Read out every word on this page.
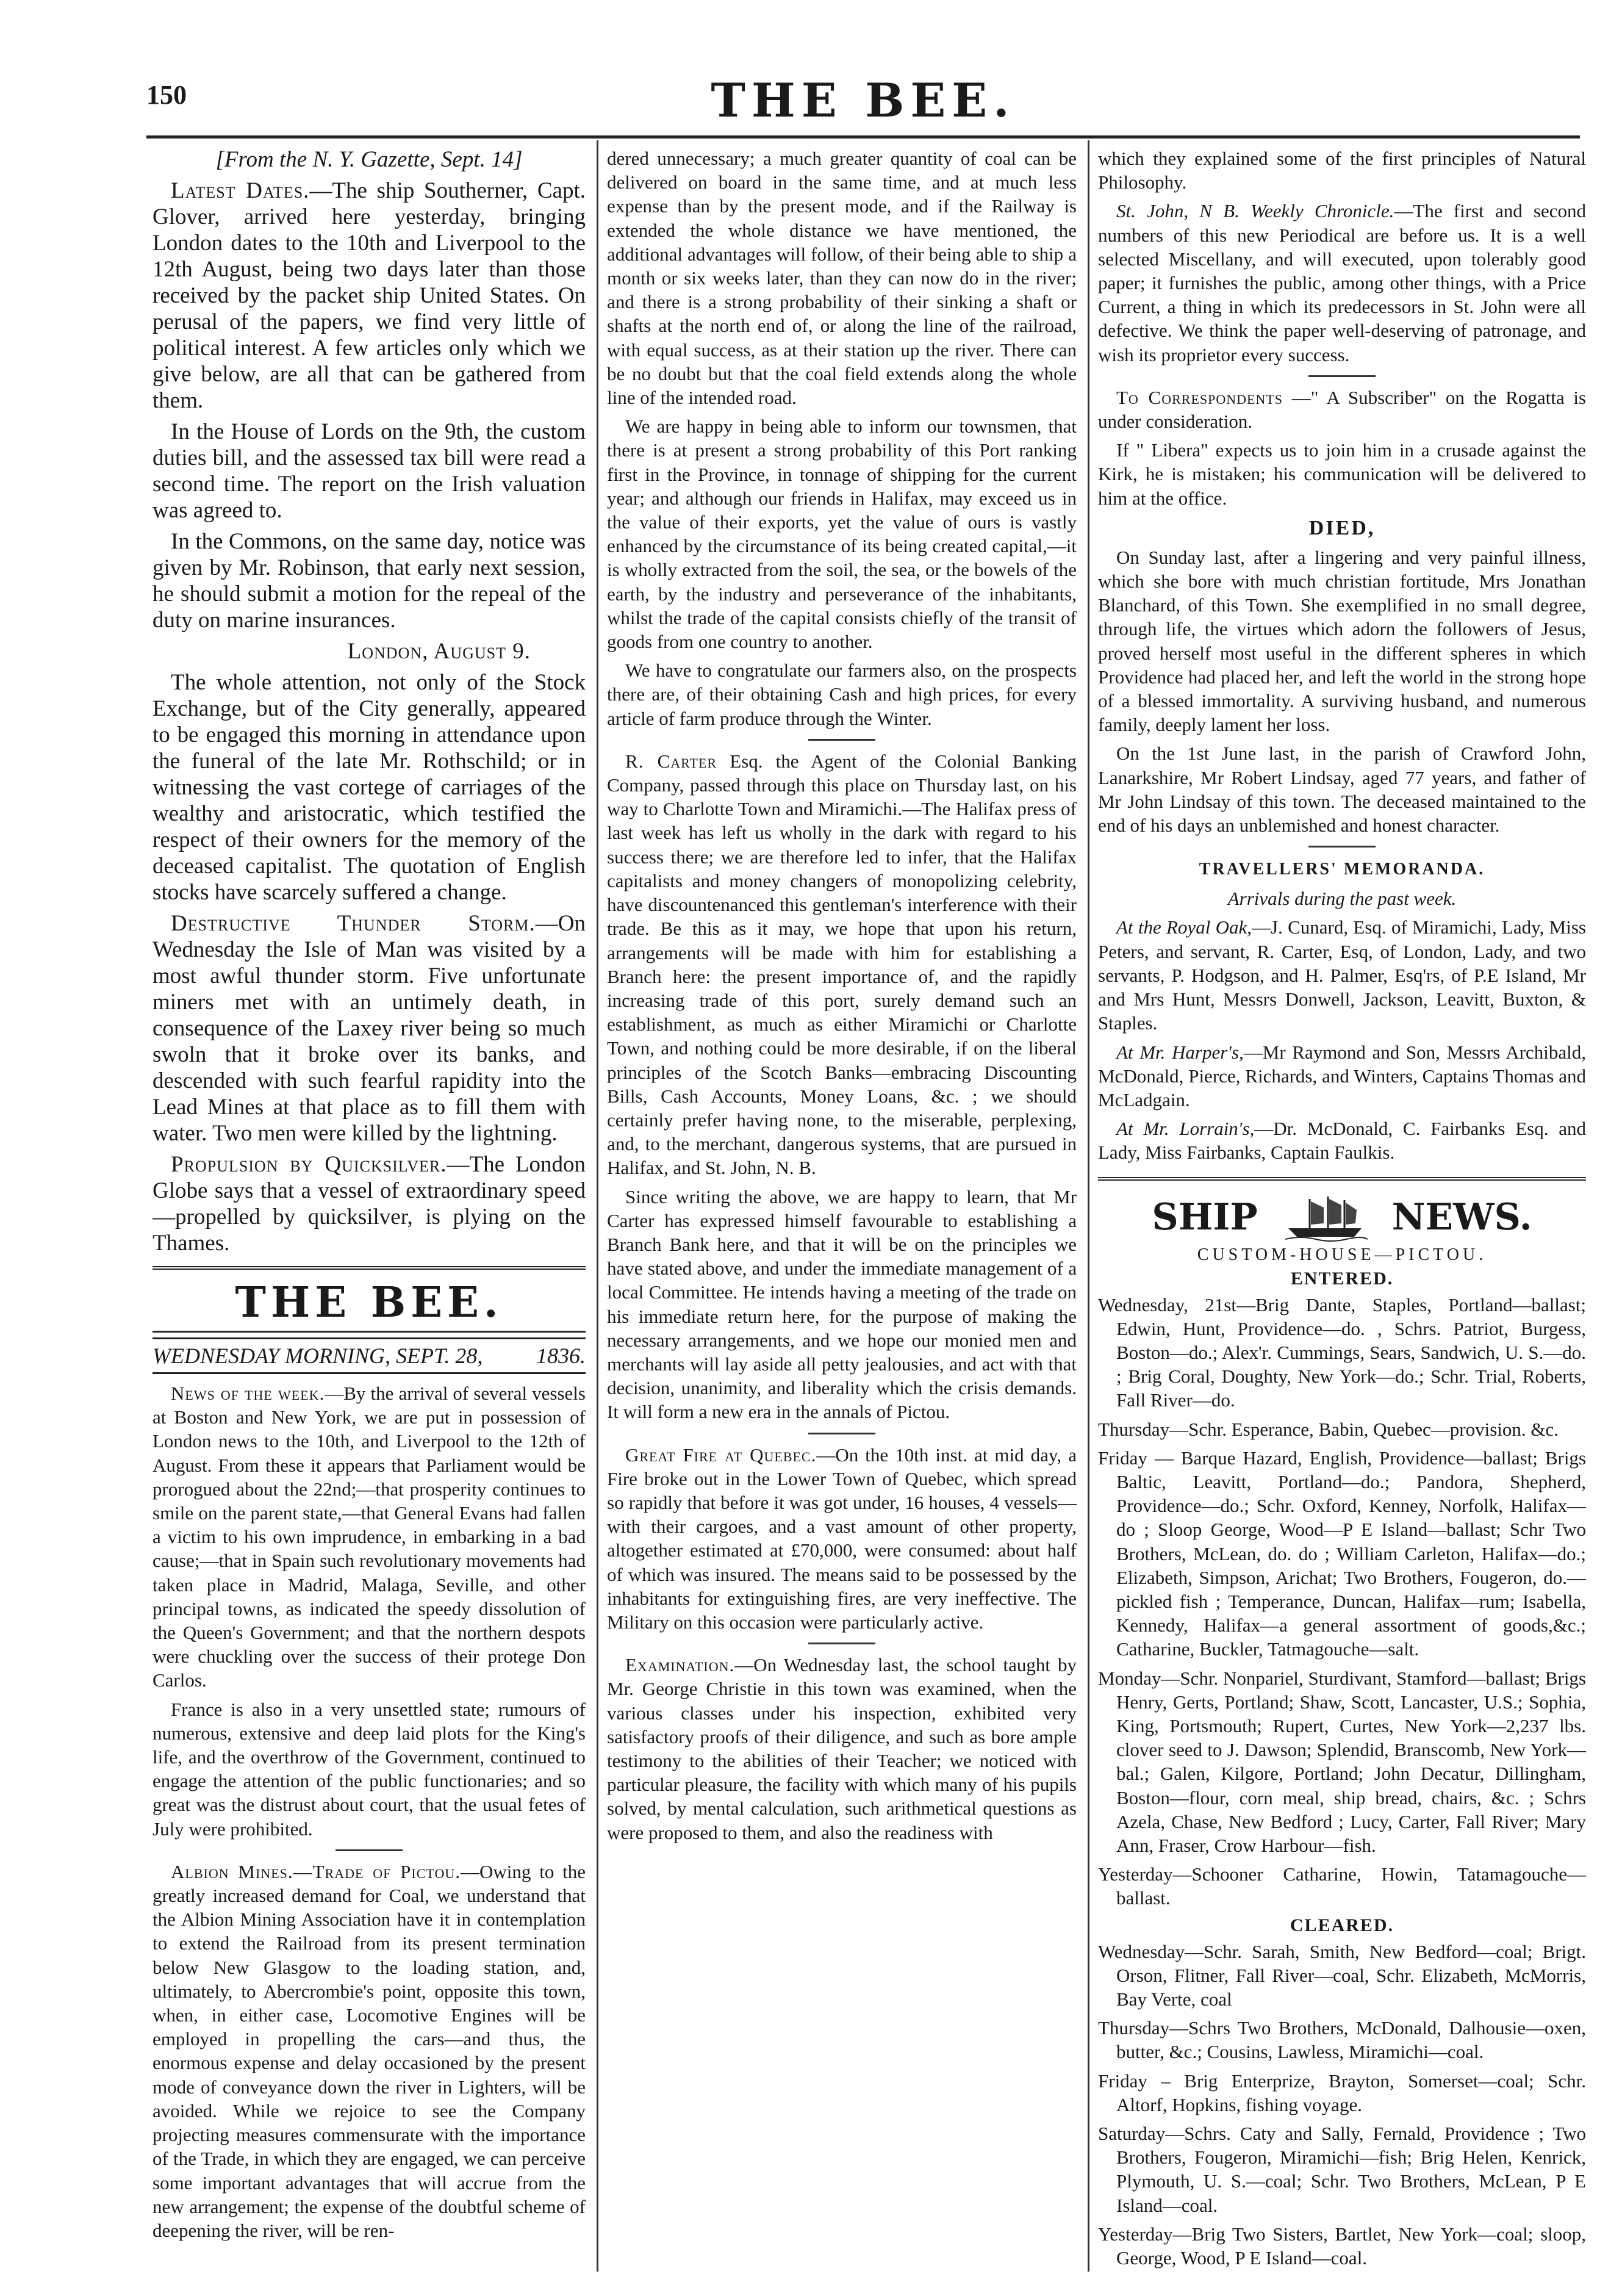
150	THE BEE.

[From the N. Y. Gazette, Sept. 14]

Latest Dates.—The ship Southerner, Capt. Glover, arrived here yesterday, bringing London dates to the 10th and Liverpool to the 12th August, being two days later than those received by the packet ship United States. On perusal of the papers, we find very little of political interest. A few articles only which we give below, are all that can be gathered from them.

In the House of Lords on the 9th, the custom duties bill, and the assessed tax bill were read a second time. The report on the Irish valuation was agreed to.

In the Commons, on the same day, notice was given by Mr. Robinson, that early next session, he should submit a motion for the repeal of the duty on marine insurances.

London, August 9.

The whole attention, not only of the Stock Exchange, but of the City generally, appeared to be engaged this morning in attendance upon the funeral of the late Mr. Rothschild; or in witnessing the vast cortege of carriages of the wealthy and aristocratic, which testified the respect of their owners for the memory of the deceased capitalist. The quotation of English stocks have scarcely suffered a change.

Destructive Thunder Storm.—On Wednesday the Isle of Man was visited by a most awful thunder storm. Five unfortunate miners met with an untimely death, in consequence of the Laxey river being so much swoln that it broke over its banks, and descended with such fearful rapidity into the Lead Mines at that place as to fill them with water. Two men were killed by the lightning.

Propulsion by Quicksilver.—The London Globe says that a vessel of extraordinary speed —propelled by quicksilver, is plying on the Thames.

THE BEE.
WEDNESDAY MORNING, SEPT. 28, 1836.

News of the week.—By the arrival of several vessels at Boston and New York, we are put in possession of London news to the 10th, and Liverpool to the 12th of August. From these it appears that Parliament would be prorogued about the 22nd;—that prosperity continues to smile on the parent state,—that General Evans had fallen a victim to his own imprudence, in embarking in a bad cause;—that in Spain such revolutionary movements had taken place in Madrid, Malaga, Seville, and other principal towns, as indicated the speedy dissolution of the Queen's Government; and that the northern despots were chuckling over the success of their protege Don Carlos.

France is also in a very unsettled state; rumours of numerous, extensive and deep laid plots for the King's life, and the overthrow of the Government, continued to engage the attention of the public functionaries; and so great was the distrust about court, that the usual fetes of July were prohibited.

Albion Mines.—Trade of Pictou.—Owing to the greatly increased demand for Coal, we understand that the Albion Mining Association have it in contemplation to extend the Railroad from its present termination below New Glasgow to the loading station, and, ultimately, to Abercrombie's point, opposite this town, when, in either case, Locomotive Engines will be employed in propelling the cars—and thus, the enormous expense and delay occasioned by the present mode of conveyance down the river in Lighters, will be avoided. While we rejoice to see the Company projecting measures commensurate with the importance of the Trade, in which they are engaged, we can perceive some important advantages that will accrue from the new arrangement; the expense of the doubtful scheme of deepening the river, will be ren-

dered unnecessary; a much greater quantity of coal can be delivered on board in the same time, and at much less expense than by the present mode, and if the Railway is extended the whole distance we have mentioned, the additional advantages will follow, of their being able to ship a month or six weeks later, than they can now do in the river; and there is a strong probability of their sinking a shaft or shafts at the north end of, or along the line of the railroad, with equal success, as at their station up the river. There can be no doubt but that the coal field extends along the whole line of the intended road.

We are happy in being able to inform our townsmen, that there is at present a strong probability of this Port ranking first in the Province, in tonnage of shipping for the current year; and although our friends in Halifax, may exceed us in the value of their exports, yet the value of ours is vastly enhanced by the circumstance of its being created capital,—it is wholly extracted from the soil, the sea, or the bowels of the earth, by the industry and perseverance of the inhabitants, whilst the trade of the capital consists chiefly of the transit of goods from one country to another.

We have to congratulate our farmers also, on the prospects there are, of their obtaining Cash and high prices, for every article of farm produce through the Winter.

R. Carter Esq. the Agent of the Colonial Banking Company, passed through this place on Thursday last, on his way to Charlotte Town and Miramichi.—The Halifax press of last week has left us wholly in the dark with regard to his success there; we are therefore led to infer, that the Halifax capitalists and money changers of monopolizing celebrity, have discountenanced this gentleman's interference with their trade. Be this as it may, we hope that upon his return, arrangements will be made with him for establishing a Branch here: the present importance of, and the rapidly increasing trade of this port, surely demand such an establishment, as much as either Miramichi or Charlotte Town, and nothing could be more desirable, if on the liberal principles of the Scotch Banks—embracing Discounting Bills, Cash Accounts, Money Loans, &c. ; we should certainly prefer having none, to the miserable, perplexing, and, to the merchant, dangerous systems, that are pursued in Halifax, and St. John, N. B.

Since writing the above, we are happy to learn, that Mr Carter has expressed himself favourable to establishing a Branch Bank here, and that it will be on the principles we have stated above, and under the immediate management of a local Committee. He intends having a meeting of the trade on his immediate return here, for the purpose of making the necessary arrangements, and we hope our monied men and merchants will lay aside all petty jealousies, and act with that decision, unanimity, and liberality which the crisis demands. It will form a new era in the annals of Pictou.

Great Fire at Quebec.—On the 10th inst. at mid day, a Fire broke out in the Lower Town of Quebec, which spread so rapidly that before it was got under, 16 houses, 4 vessels—with their cargoes, and a vast amount of other property, altogether estimated at £70,000, were consumed: about half of which was insured. The means said to be possessed by the inhabitants for extinguishing fires, are very ineffective. The Military on this occasion were particularly active.

Examination.—On Wednesday last, the school taught by Mr. George Christie in this town was examined, when the various classes under his inspection, exhibited very satisfactory proofs of their diligence, and such as bore ample testimony to the abilities of their Teacher; we noticed with particular pleasure, the facility with which many of his pupils solved, by mental calculation, such arithmetical questions as were proposed to them, and also the readiness with

which they explained some of the first principles of Natural Philosophy.

St. John, N B. Weekly Chronicle.—The first and second numbers of this new Periodical are before us. It is a well selected Miscellany, and will executed, upon tolerably good paper; it furnishes the public, among other things, with a Price Current, a thing in which its predecessors in St. John were all defective. We think the paper well-deserving of patronage, and wish its proprietor every success.

To Correspondents —" A Subscriber" on the Rogatta is under consideration.

If " Libera" expects us to join him in a crusade against the Kirk, he is mistaken; his communication will be delivered to him at the office.

DIED,

On Sunday last, after a lingering and very painful illness, which she bore with much christian fortitude, Mrs Jonathan Blanchard, of this Town. She exemplified in no small degree, through life, the virtues which adorn the followers of Jesus, proved herself most useful in the different spheres in which Providence had placed her, and left the world in the strong hope of a blessed immortality. A surviving husband, and numerous family, deeply lament her loss.

On the 1st June last, in the parish of Crawford John, Lanarkshire, Mr Robert Lindsay, aged 77 years, and father of Mr John Lindsay of this town. The deceased maintained to the end of his days an unblemished and honest character.

TRAVELLERS' MEMORANDA.

Arrivals during the past week.

At the Royal Oak,—J. Cunard, Esq. of Miramichi, Lady, Miss Peters, and servant, R. Carter, Esq, of London, Lady, and two servants, P. Hodgson, and H. Palmer, Esq'rs, of P.E Island, Mr and Mrs Hunt, Messrs Donwell, Jackson, Leavitt, Buxton, & Staples.

At Mr. Harper's,—Mr Raymond and Son, Messrs Archibald, McDonald, Pierce, Richards, and Winters, Captains Thomas and McLadgain.

At Mr. Lorrain's,—Dr. McDonald, C. Fairbanks Esq. and Lady, Miss Fairbanks, Captain Faulkis.

SHIP	NEWS.
CUSTOM-HOUSE—PICTOU.
ENTERED.

Wednesday, 21st—Brig Dante, Staples, Portland—ballast; Edwin, Hunt, Providence—do. , Schrs. Patriot, Burgess, Boston—do.; Alex'r. Cummings, Sears, Sandwich, U. S.—do. ; Brig Coral, Doughty, New York—do.; Schr. Trial, Roberts, Fall River—do.

Thursday—Schr. Esperance, Babin, Quebec—provision. &c.

Friday — Barque Hazard, English, Providence—ballast; Brigs Baltic, Leavitt, Portland—do.; Pandora, Shepherd, Providence—do.; Schr. Oxford, Kenney, Norfolk, Halifax—do ; Sloop George, Wood—P E Island—ballast; Schr Two Brothers, McLean, do. do ; William Carleton, Halifax—do.; Elizabeth, Simpson, Arichat; Two Brothers, Fougeron, do.—pickled fish ; Temperance, Duncan, Halifax—rum; Isabella, Kennedy, Halifax—a general assortment of goods,&c.; Catharine, Buckler, Tatmagouche—salt.

Monday—Schr. Nonpariel, Sturdivant, Stamford—ballast; Brigs Henry, Gerts, Portland; Shaw, Scott, Lancaster, U.S.; Sophia, King, Portsmouth; Rupert, Curtes, New York—2,237 lbs. clover seed to J. Dawson; Splendid, Branscomb, New York—bal.; Galen, Kilgore, Portland; John Decatur, Dillingham, Boston—flour, corn meal, ship bread, chairs, &c. ; Schrs Azela, Chase, New Bedford ; Lucy, Carter, Fall River; Mary Ann, Fraser, Crow Harbour—fish.

Yesterday—Schooner Catharine, Howin, Tatamagouche—ballast.

CLEARED.

Wednesday—Schr. Sarah, Smith, New Bedford—coal; Brigt. Orson, Flitner, Fall River—coal, Schr. Elizabeth, McMorris, Bay Verte, coal

Thursday—Schrs Two Brothers, McDonald, Dalhousie—oxen, butter, &c.; Cousins, Lawless, Miramichi—coal.

Friday – Brig Enterprize, Brayton, Somerset—coal; Schr. Altorf, Hopkins, fishing voyage.

Saturday—Schrs. Caty and Sally, Fernald, Providence ; Two Brothers, Fougeron, Miramichi—fish; Brig Helen, Kenrick, Plymouth, U. S.—coal; Schr. Two Brothers, McLean, P E Island—coal.

Yesterday—Brig Two Sisters, Bartlet, New York—coal; sloop, George, Wood, P E Island—coal.
